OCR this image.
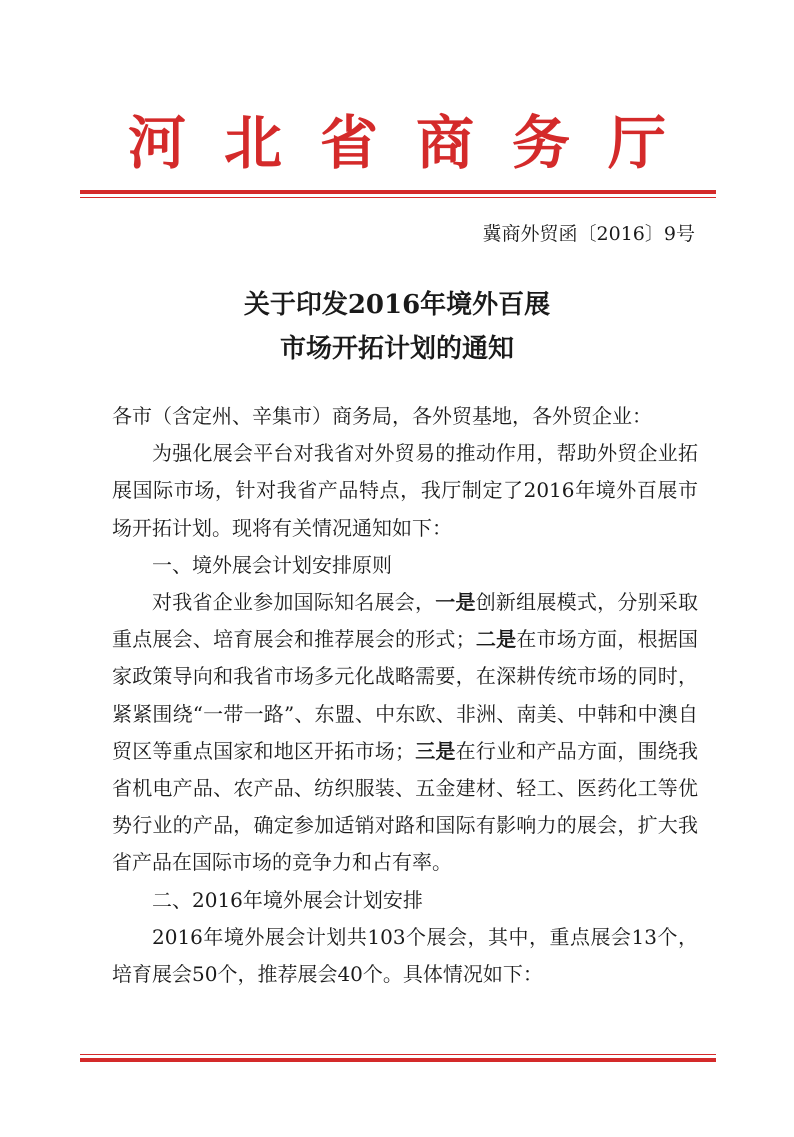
河北省商务厅
冀商外贸函〔2016〕9号
关于印发2016年境外百展
市场开拓计划的通知

各市（含定州、辛集市）商务局，各外贸基地，各外贸企业：

为强化展会平台对我省对外贸易的推动作用，帮助外贸企业拓展国际市场，针对我省产品特点，我厅制定了2016年境外百展市场开拓计划。现将有关情况通知如下：

一、境外展会计划安排原则

对我省企业参加国际知名展会，一是创新组展模式，分别采取重点展会、培育展会和推荐展会的形式；二是在市场方面，根据国家政策导向和我省市场多元化战略需要，在深耕传统市场的同时，紧紧围绕“一带一路”、东盟、中东欧、非洲、南美、中韩和中澳自贸区等重点国家和地区开拓市场；三是在行业和产品方面，围绕我省机电产品、农产品、纺织服装、五金建材、轻工、医药化工等优势行业的产品，确定参加适销对路和国际有影响力的展会，扩大我省产品在国际市场的竞争力和占有率。

二、2016年境外展会计划安排

2016年境外展会计划共103个展会，其中，重点展会13个，培育展会50个，推荐展会40个。具体情况如下：
